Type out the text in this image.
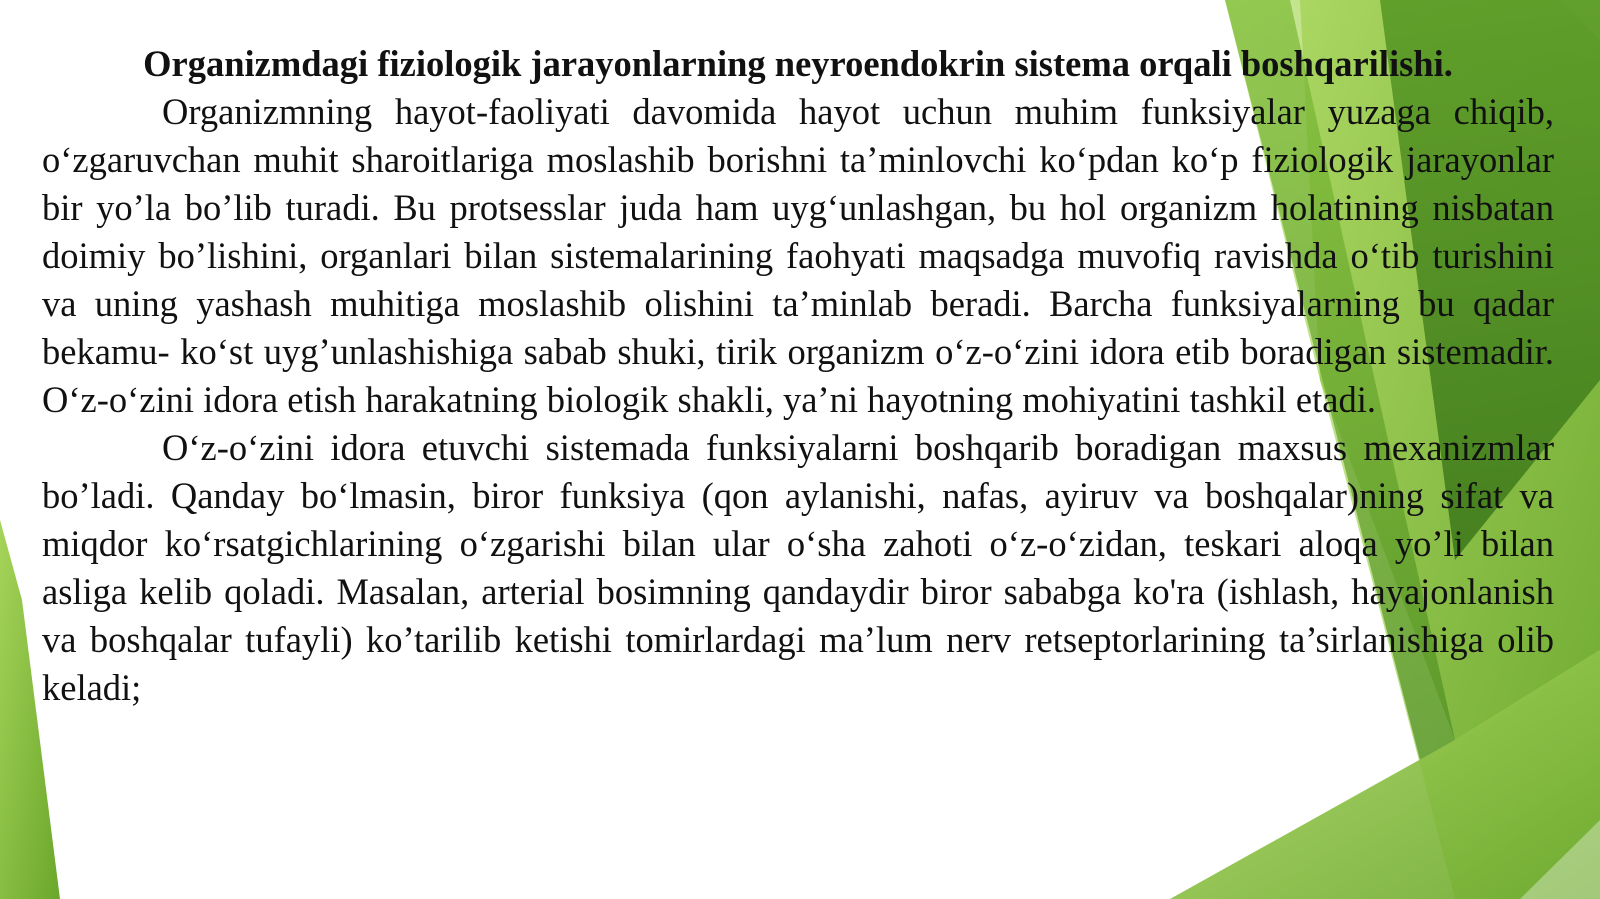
Organizmdagi fiziologik jarayonlarning neyroendokrin sistema orqali boshqarilishi.

Organizmning hayot-faoliyati davomida hayot uchun muhim funksiyalar yuzaga chiqib, o‘zgaruvchan muhit sharoitlariga moslashib borishni ta’minlovchi ko‘pdan ko‘p fiziologik jarayonlar bir yo’la bo’lib turadi. Bu protsesslar juda ham uyg‘unlashgan, bu hol organizm holatining nisbatan doimiy bo’lishini, organlari bilan sistemalarining faohyati maqsadga muvofiq ravishda o‘tib turishini va uning yashash muhitiga moslashib olishini ta’minlab beradi. Barcha funksiyalarning bu qadar bekamu- ko‘st uyg’unlashishiga sabab shuki, tirik organizm o‘z-o‘zini idora etib boradigan sistemadir. O‘z-o‘zini idora etish harakatning biologik shakli, ya’ni hayotning mohiyatini tashkil etadi.

O‘z-o‘zini idora etuvchi sistemada funksiyalarni boshqarib boradigan maxsus mexanizmlar bo’ladi. Qanday bo‘lmasin, biror funksiya (qon aylanishi, nafas, ayiruv va boshqalar)ning sifat va miqdor ko‘rsatgichlarining o‘zgarishi bilan ular o‘sha zahoti o‘z-o‘zidan, teskari aloqa yo’li bilan asliga kelib qoladi. Masalan, arterial bosimning qandaydir biror sababga ko'ra (ishlash, hayajonlanish va boshqalar tufayli) ko’tarilib ketishi tomirlardagi ma’lum nerv retseptorlarining ta’sirlanishiga olib keladi;
